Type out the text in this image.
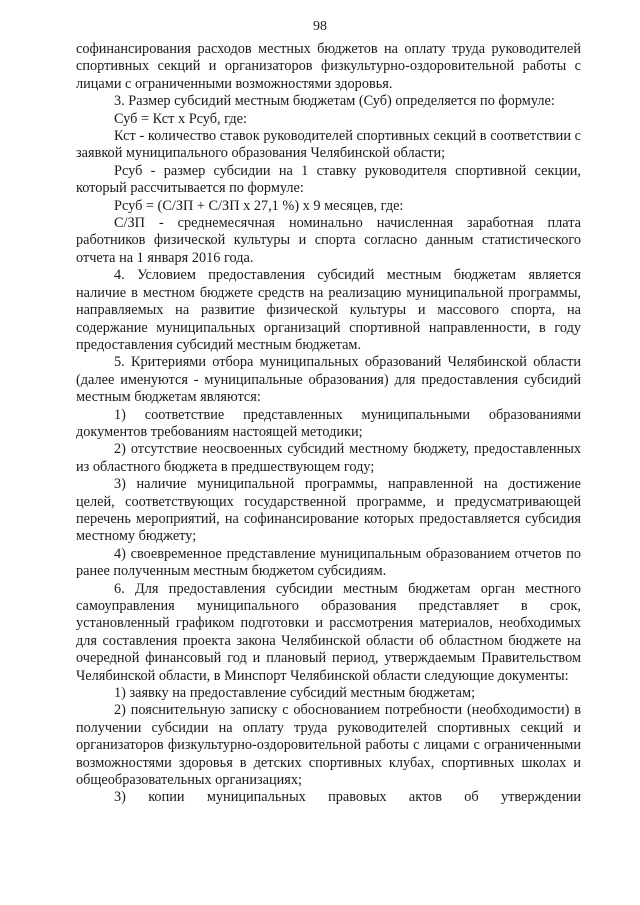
98

софинансирования расходов местных бюджетов на оплату труда руководителей спортивных секций и организаторов физкультурно-оздоровительной работы с лицами с ограниченными возможностями здоровья.

3. Размер субсидий местным бюджетам (Суб) определяется по формуле:

Суб = Кст х Рсуб, где:

Кст - количество ставок руководителей спортивных секций в соответствии с заявкой муниципального образования Челябинской области;

Рсуб - размер субсидии на 1 ставку руководителя спортивной секции, который рассчитывается по формуле:

Рсуб = (С/ЗП + С/ЗП х 27,1 %) х 9 месяцев, где:

С/ЗП - среднемесячная номинально начисленная заработная плата работников физической культуры и спорта согласно данным статистического отчета на 1 января 2016 года.

4. Условием предоставления субсидий местным бюджетам является наличие в местном бюджете средств на реализацию муниципальной программы, направляемых на развитие физической культуры и массового спорта, на содержание муниципальных организаций спортивной направленности, в году предоставления субсидий местным бюджетам.

5. Критериями отбора муниципальных образований Челябинской области (далее именуются - муниципальные образования) для предоставления субсидий местным бюджетам являются:

1) соответствие представленных муниципальными образованиями документов требованиям настоящей методики;

2) отсутствие неосвоенных субсидий местному бюджету, предоставленных из областного бюджета в предшествующем году;

3) наличие муниципальной программы, направленной на достижение целей, соответствующих государственной программе, и предусматривающей перечень мероприятий, на софинансирование которых предоставляется субсидия местному бюджету;

4) своевременное представление муниципальным образованием отчетов по ранее полученным местным бюджетом субсидиям.

6. Для предоставления субсидии местным бюджетам орган местного самоуправления муниципального образования представляет в срок, установленный графиком подготовки и рассмотрения материалов, необходимых для составления проекта закона Челябинской области об областном бюджете на очередной финансовый год и плановый период, утверждаемым Правительством Челябинской области, в Минспорт Челябинской области следующие документы:

1) заявку на предоставление субсидий местным бюджетам;

2) пояснительную записку с обоснованием потребности (необходимости) в получении субсидии на оплату труда руководителей спортивных секций и организаторов физкультурно-оздоровительной работы с лицами с ограниченными возможностями здоровья в детских спортивных клубах, спортивных школах и общеобразовательных организациях;

3) копии муниципальных правовых актов об утверждении
